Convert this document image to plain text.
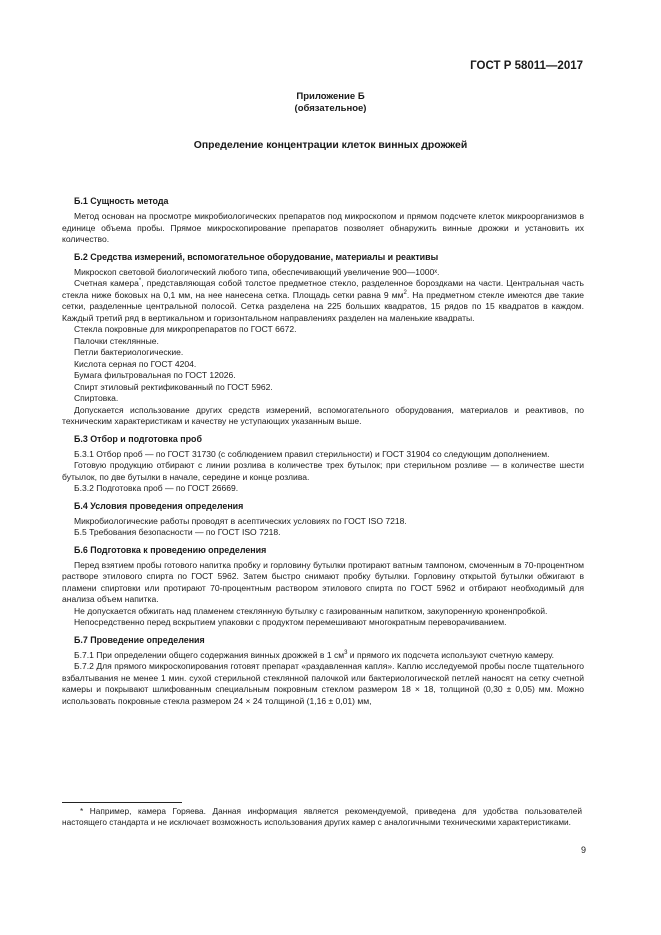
ГОСТ Р 58011—2017
Приложение Б
(обязательное)
Определение концентрации клеток винных дрожжей
Б.1 Сущность метода

Метод основан на просмотре микробиологических препаратов под микроскопом и прямом подсчете клеток микроорганизмов в единице объема пробы. Прямое микроскопирование препаратов позволяет обнаружить винные дрожжи и установить их количество.

Б.2 Средства измерений, вспомогательное оборудование, материалы и реактивы

Микроскоп световой биологический любого типа, обеспечивающий увеличение 900—1000ˣ.

Счетная камера*, представляющая собой толстое предметное стекло, разделенное бороздками на части. Центральная часть стекла ниже боковых на 0,1 мм, на нее нанесена сетка. Площадь сетки равна 9 $мм^2$. На предметном стекле имеются две такие сетки, разделенные центральной полосой. Сетка разделена на 225 больших квадратов, 15 рядов по 15 квадратов в каждом. Каждый третий ряд в вертикальном и горизонтальном направлениях разделен на маленькие квадраты.

Стекла покровные для микропрепаратов по ГОСТ 6672.

Палочки стеклянные.

Петли бактериологические.

Кислота серная по ГОСТ 4204.

Бумага фильтровальная по ГОСТ 12026.

Спирт этиловый ректификованный по ГОСТ 5962.

Спиртовка.

Допускается использование других средств измерений, вспомогательного оборудования, материалов и реактивов, по техническим характеристикам и качеству не уступающих указанным выше.

Б.3 Отбор и подготовка проб

Б.3.1 Отбор проб — по ГОСТ 31730 (с соблюдением правил стерильности) и ГОСТ 31904 со следующим дополнением.

Готовую продукцию отбирают с линии розлива в количестве трех бутылок; при стерильном розливе — в количестве шести бутылок, по две бутылки в начале, середине и конце розлива.

Б.3.2 Подготовка проб — по ГОСТ 26669.

Б.4 Условия проведения определения

Микробиологические работы проводят в асептических условиях по ГОСТ ISO 7218.

Б.5 Требования безопасности — по ГОСТ ISO 7218.

Б.6 Подготовка к проведению определения

Перед взятием пробы готового напитка пробку и горловину бутылки протирают ватным тампоном, смоченным в 70-процентном растворе этилового спирта по ГОСТ 5962. Затем быстро снимают пробку бутылки. Горловину открытой бутылки обжигают в пламени спиртовки или протирают 70-процентным раствором этилового спирта по ГОСТ 5962 и отбирают необходимый для анализа объем напитка.

Не допускается обжигать над пламенем стеклянную бутылку с газированным напитком, закупоренную кроненпробкой.

Непосредственно перед вскрытием упаковки с продуктом перемешивают многократным переворачиванием.

Б.7 Проведение определения

Б.7.1 При определении общего содержания винных дрожжей в 1 $см^3$ и прямого их подсчета используют счетную камеру.

Б.7.2 Для прямого микроскопирования готовят препарат «раздавленная капля». Каплю исследуемой пробы после тщательного взбалтывания не менее 1 мин. сухой стерильной стеклянной палочкой или бактериологической петлей наносят на сетку счетной камеры и покрывают шлифованным специальным покровным стеклом размером 18 × 18, толщиной (0,30 ± 0,05) мм. Можно использовать покровные стекла размером 24 × 24 толщиной (1,16 ± 0,01) мм,

* Например, камера Горяева. Данная информация является рекомендуемой, приведена для удобства пользователей настоящего стандарта и не исключает возможность использования других камер с аналогичными техническими характеристиками.
9
